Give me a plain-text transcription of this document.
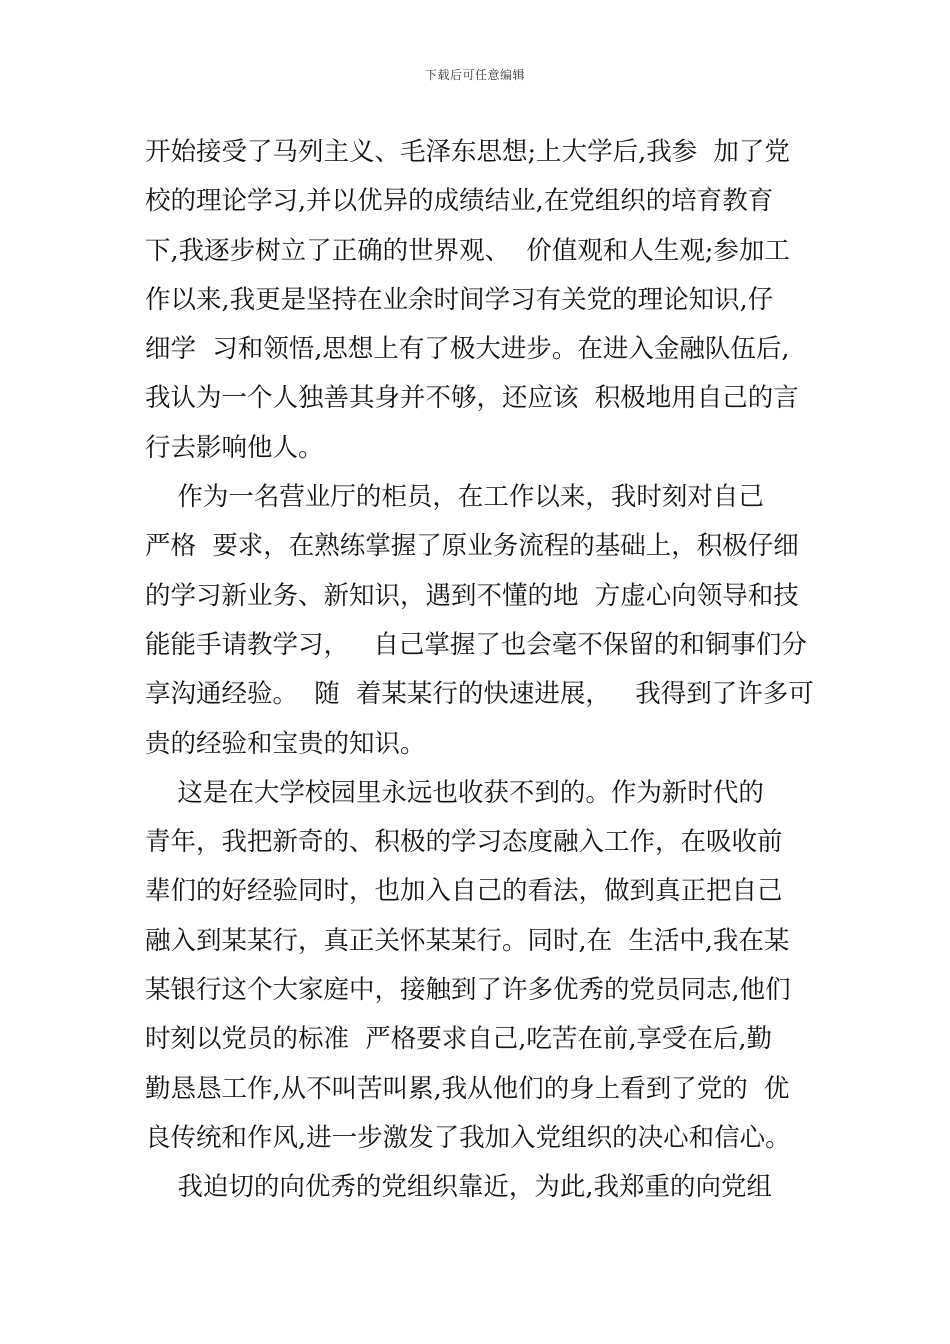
下载后可任意编辑
开始接受了马列主义、毛泽东思想;上大学后,我参  加了党
校的理论学习,并以优异的成绩结业,在党组织的培育教育
下,我逐步树立了正确的世界观、  价值观和人生观;参加工
作以来,我更是坚持在业余时间学习有关党的理论知识,仔
细学  习和领悟,思想上有了极大进步。在进入金融队伍后,
我认为一个人独善其身并不够，还应该  积极地用自己的言
行去影响他人。
作为一名营业厅的柜员，在工作以来，我时刻对自己
严格  要求，在熟练掌握了原业务流程的基础上，积极仔细
的学习新业务、新知识，遇到不懂的地  方虚心向领导和技
能能手请教学习，   自己掌握了也会毫不保留的和铜事们分
享沟通经验。  随  着某某行的快速进展，   我得到了许多可
贵的经验和宝贵的知识。
这是在大学校园里永远也收获不到的。作为新时代的
青年，我把新奇的、积极的学习态度融入工作，在吸收前
辈们的好经验同时，也加入自己的看法，做到真正把自己
融入到某某行，真正关怀某某行。同时,在  生活中,我在某
某银行这个大家庭中，接触到了许多优秀的党员同志,他们
时刻以党员的标准  严格要求自己,吃苦在前,享受在后,勤
勤恳恳工作,从不叫苦叫累,我从他们的身上看到了党的  优
良传统和作风,进一步激发了我加入党组织的决心和信心。
我迫切的向优秀的党组织靠近，为此,我郑重的向党组
